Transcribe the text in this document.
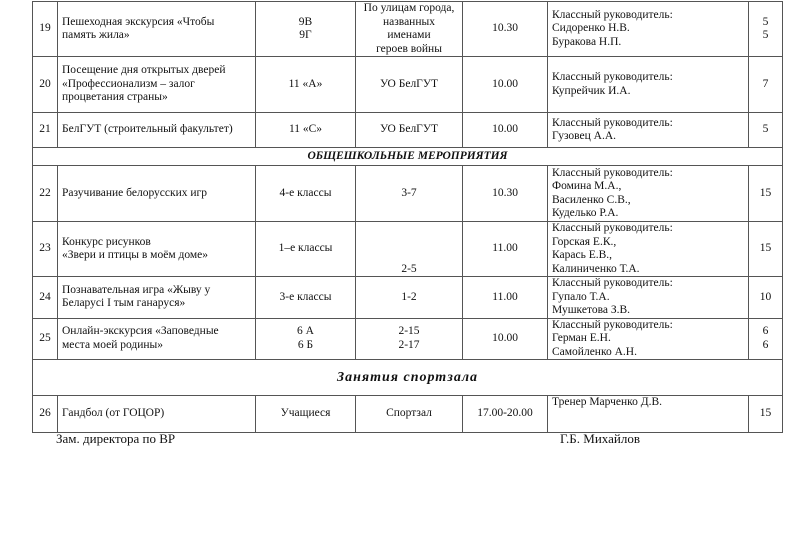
19	Пешеходная экскурсия «Чтобы
память жила»	9В
9Г	По улицам города,
названных именами
героев войны	10.30	Классный руководитель:
Сидоренко Н.В.
Буракова Н.П.	5
5
20	Посещение дня открытых дверей
«Профессионализм – залог
процветания страны»	11 «А»	УО БелГУТ	10.00	Классный руководитель:
Купрейчик И.А.	7
21	БелГУТ (строительный факультет)	11 «С»	УО БелГУТ	10.00	Классный руководитель:
Гузовец А.А.	5
ОБЩЕШКОЛЬНЫЕ МЕРОПРИЯТИЯ						
22	Разучивание белорусских игр	4-е классы	3-7	10.30	Классный руководитель:
Фомина М.А.,
Василенко С.В.,
Куделько Р.А.	15
23	Конкурс рисунков
«Звери и птицы в моём доме»	1–е классы	2-5	11.00	Классный руководитель:
Горская Е.К.,
Карась Е.В.,
Калиниченко Т.А.	15
24	Познавательная игра «Жыву у
Беларусі І тым ганаруся»	3-е классы	1-2	11.00	Классный руководитель:
Гупало Т.А.
Мушкетова З.В.	10
25	Онлайн-экскурсия «Заповедные
места моей родины»	6 А
6 Б	2-15
2-17	10.00	Классный руководитель:
Герман Е.Н.
Самойленко А.Н.	6
6
Занятия спортзала						
26	Гандбол (от ГОЦОР)	Учащиеся	Спортзал	17.00-20.00	Тренер Марченко Д.В.	15
Зам. директора по ВР	Г.Б. Михайлов
